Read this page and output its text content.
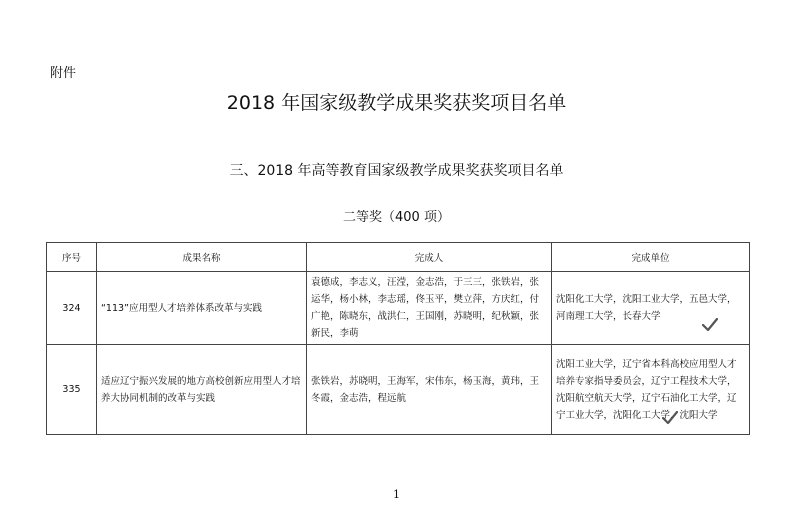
附件
2018 年国家级教学成果奖获奖项目名单
三、2018 年高等教育国家级教学成果奖获奖项目名单
二等奖（400 项）
序号	成果名称	完成人	完成单位
324	“113”应用型人才培养体系改革与实践	袁德成，李志义，汪滢，金志浩，于三三，张铁岩，张运华，杨小林，李志瑶，佟玉平，樊立萍，方庆红，付广艳，陈晓东，战洪仁，王国刚，苏晓明，纪秋颖，张新民，李萌	沈阳化工大学，沈阳工业大学，五邑大学，河南理工大学，长春大学

335	适应辽宁振兴发展的地方高校创新应用型人才培养大协同机制的改革与实践	张铁岩，苏晓明，王海军，宋伟东，杨玉海，黄玮，王冬霞，金志浩，程远航	沈阳工业大学，辽宁省本科高校应用型人才培养专家指导委员会，辽宁工程技术大学，沈阳航空航天大学，辽宁石油化工大学，辽宁工业大学，沈阳化工大学，沈阳大学
1
